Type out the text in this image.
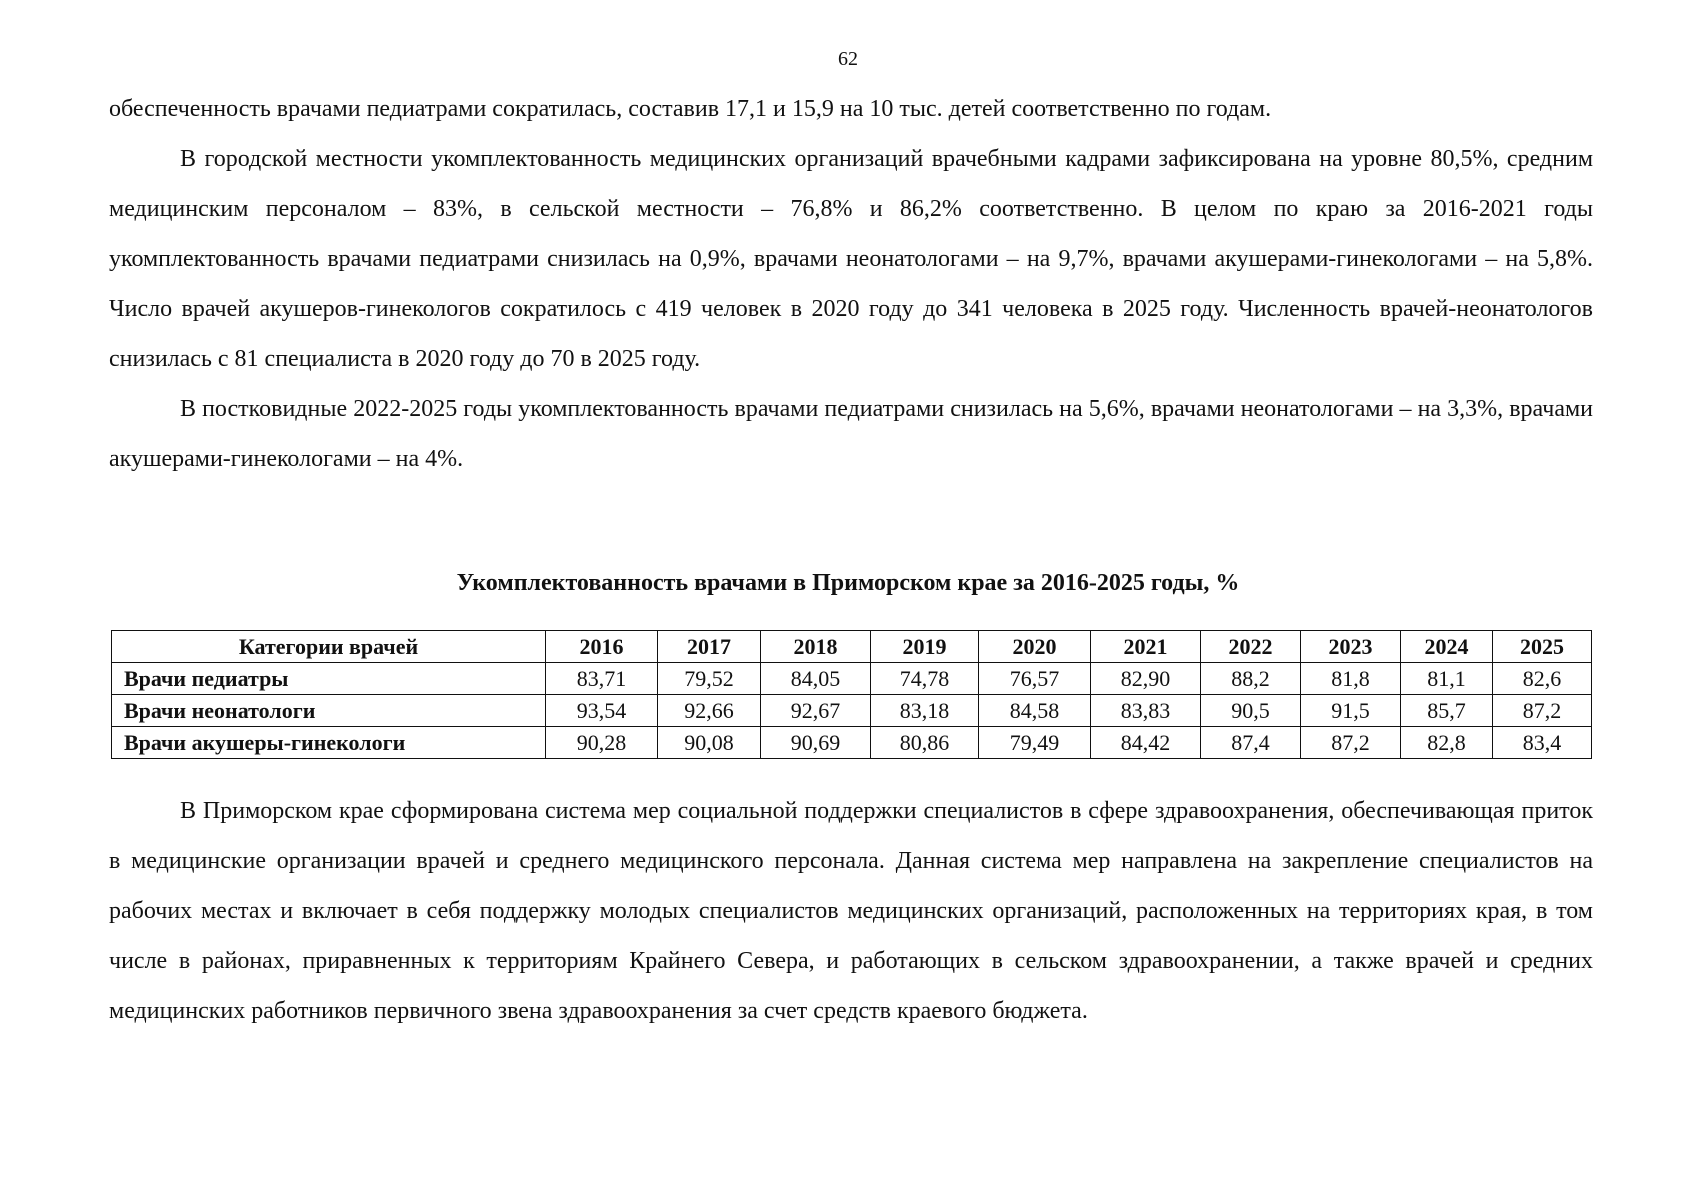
62

обеспеченность врачами педиатрами сократилась, составив 17,1 и 15,9 на 10 тыс. детей соответственно по годам.

В городской местности укомплектованность медицинских организаций врачебными кадрами зафиксирована на уровне 80,5%, средним медицинским персоналом – 83%, в сельской местности – 76,8% и 86,2% соответственно. В целом по краю за 2016-2021 годы укомплектованность врачами педиатрами снизилась на 0,9%, врачами неонатологами – на 9,7%, врачами акушерами-гинекологами – на 5,8%. Число врачей акушеров-гинекологов сократилось с 419 человек в 2020 году до 341 человека в 2025 году. Численность врачей-неонатологов снизилась с 81 специалиста в 2020 году до 70 в 2025 году.

В постковидные 2022-2025 годы укомплектованность врачами педиатрами снизилась на 5,6%, врачами неонатологами – на 3,3%, врачами акушерами-гинекологами – на 4%.

Укомплектованность врачами в Приморском крае за 2016-2025 годы, %
Категории врачей	2016	2017	2018	2019	2020	2021	2022	2023	2024	2025
Врачи педиатры	83,71	79,52	84,05	74,78	76,57	82,90	88,2	81,8	81,1	82,6
Врачи неонатологи	93,54	92,66	92,67	83,18	84,58	83,83	90,5	91,5	85,7	87,2
Врачи акушеры-гинекологи	90,28	90,08	90,69	80,86	79,49	84,42	87,4	87,2	82,8	83,4

В Приморском крае сформирована система мер социальной поддержки специалистов в сфере здравоохранения, обеспечивающая приток в медицинские организации врачей и среднего медицинского персонала. Данная система мер направлена на закрепление специалистов на рабочих местах и включает в себя поддержку молодых специалистов медицинских организаций, расположенных на территориях края, в том числе в районах, приравненных к территориям Крайнего Севера, и работающих в сельском здравоохранении, а также врачей и средних медицинских работников первичного звена здравоохранения за счет средств краевого бюджета.
